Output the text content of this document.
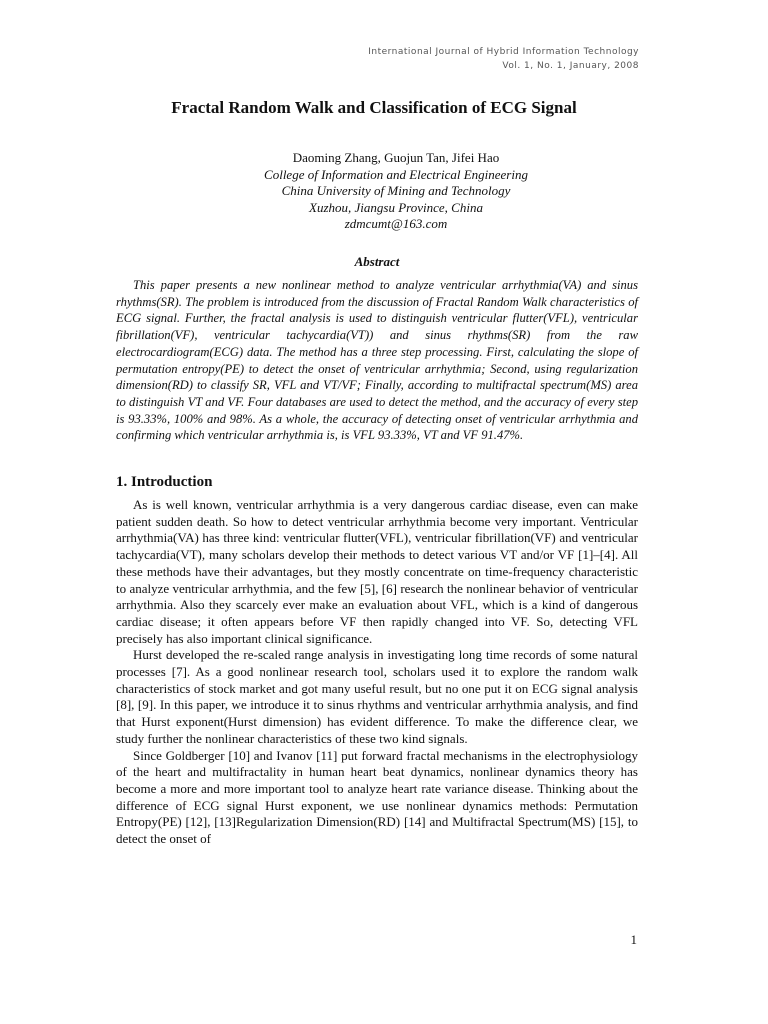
International Journal of Hybrid Information Technology
Vol. 1, No. 1, January, 2008
Fractal Random Walk and Classification of ECG Signal
Daoming Zhang, Guojun Tan, Jifei Hao
College of Information and Electrical Engineering
China University of Mining and Technology
Xuzhou, Jiangsu Province, China
zdmcumt@163.com
Abstract

This paper presents a new nonlinear method to analyze ventricular arrhythmia(VA) and sinus rhythms(SR). The problem is introduced from the discussion of Fractal Random Walk characteristics of ECG signal. Further, the fractal analysis is used to distinguish ventricular flutter(VFL), ventricular fibrillation(VF), ventricular tachycardia(VT)) and sinus rhythms(SR) from the raw electrocardiogram(ECG) data. The method has a three step processing. First, calculating the slope of permutation entropy(PE) to detect the onset of ventricular arrhythmia; Second, using regularization dimension(RD) to classify SR, VFL and VT/VF; Finally, according to multifractal spectrum(MS) area to distinguish VT and VF. Four databases are used to detect the method, and the accuracy of every step is 93.33%, 100% and 98%. As a whole, the accuracy of detecting onset of ventricular arrhythmia and confirming which ventricular arrhythmia is, is VFL 93.33%, VT and VF 91.47%.

1. Introduction

As is well known, ventricular arrhythmia is a very dangerous cardiac disease, even can make patient sudden death. So how to detect ventricular arrhythmia become very important. Ventricular arrhythmia(VA) has three kind: ventricular flutter(VFL), ventricular fibrillation(VF) and ventricular tachycardia(VT), many scholars develop their methods to detect various VT and/or VF [1]–[4]. All these methods have their advantages, but they mostly concentrate on time-frequency characteristic to analyze ventricular arrhythmia, and the few [5], [6] research the nonlinear behavior of ventricular arrhythmia. Also they scarcely ever make an evaluation about VFL, which is a kind of dangerous cardiac disease; it often appears before VF then rapidly changed into VF. So, detecting VFL precisely has also important clinical significance.

Hurst developed the re-scaled range analysis in investigating long time records of some natural processes [7]. As a good nonlinear research tool, scholars used it to explore the random walk characteristics of stock market and got many useful result, but no one put it on ECG signal analysis [8], [9]. In this paper, we introduce it to sinus rhythms and ventricular arrhythmia analysis, and find that Hurst exponent(Hurst dimension) has evident difference. To make the difference clear, we study further the nonlinear characteristics of these two kind signals.

Since Goldberger [10] and Ivanov [11] put forward fractal mechanisms in the electrophysiology of the heart and multifractality in human heart beat dynamics, nonlinear dynamics theory has become a more and more important tool to analyze heart rate variance disease. Thinking about the difference of ECG signal Hurst exponent, we use nonlinear dynamics methods: Permutation Entropy(PE) [12], [13]Regularization Dimension(RD) [14] and Multifractal Spectrum(MS) [15], to detect the onset of

1
